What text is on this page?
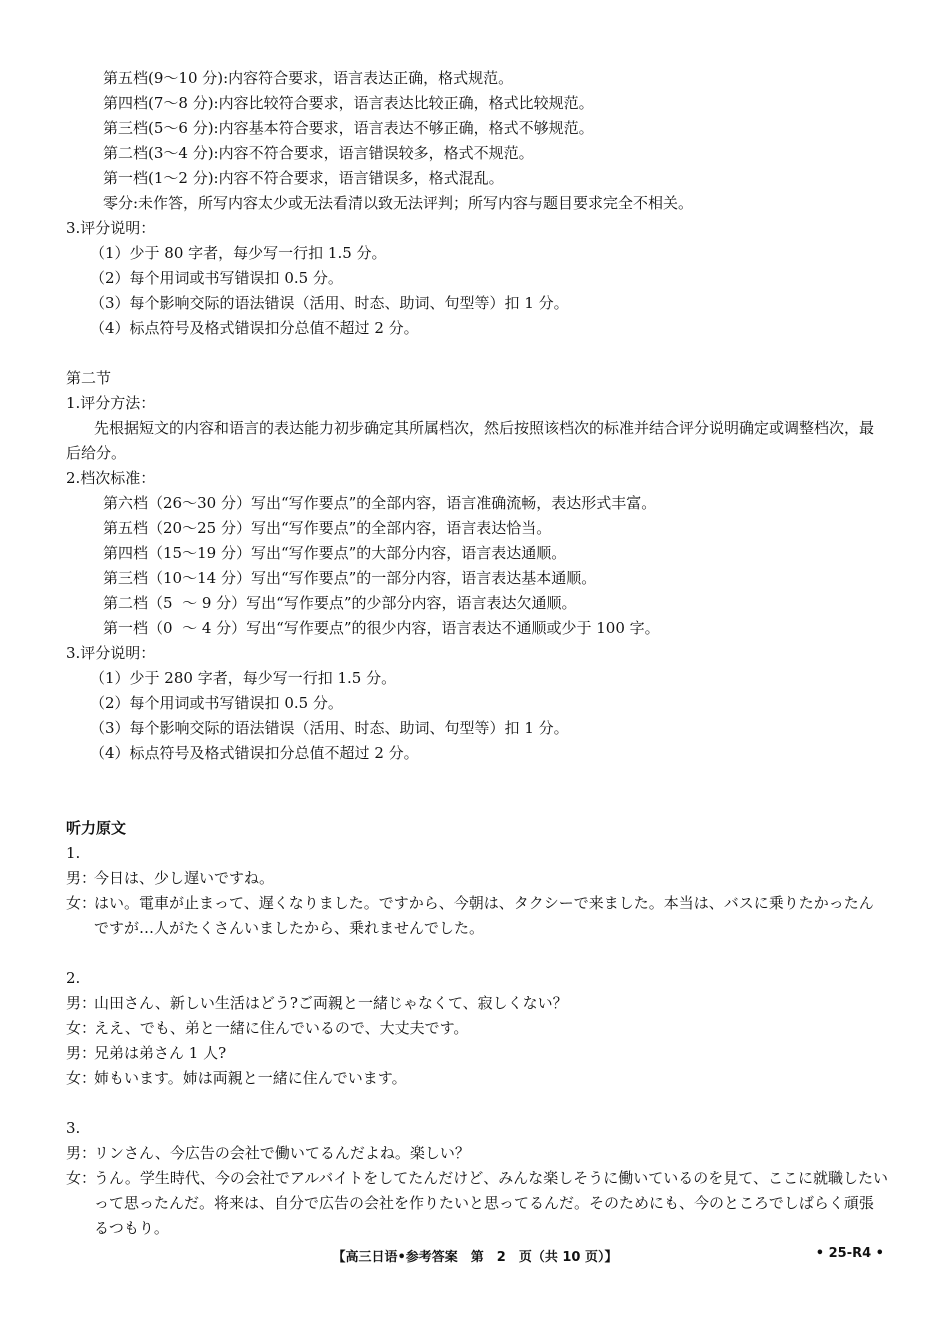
第五档(9～10 分):内容符合要求，语言表达正确，格式规范。
第四档(7～8 分):内容比较符合要求，语言表达比较正确，格式比较规范。
第三档(5～6 分):内容基本符合要求，语言表达不够正确，格式不够规范。
第二档(3～4 分):内容不符合要求，语言错误较多，格式不规范。
第一档(1～2 分):内容不符合要求，语言错误多，格式混乱。
零分:未作答，所写内容太少或无法看清以致无法评判；所写内容与题目要求完全不相关。
3.评分说明：
（1）少于 80 字者，每少写一行扣 1.5 分。
（2）每个用词或书写错误扣 0.5 分。
（3）每个影响交际的语法错误（活用、时态、助词、句型等）扣 1 分。
（4）标点符号及格式错误扣分总值不超过 2 分。
第二节
1.评分方法：
先根据短文的内容和语言的表达能力初步确定其所属档次，然后按照该档次的标准并结合评分说明确定或调整档次，最后给分。
2.档次标准：
第六档（26～30 分）写出“写作要点”的全部内容，语言准确流畅，表达形式丰富。
第五档（20～25 分）写出“写作要点”的全部内容，语言表达恰当。
第四档（15～19 分）写出“写作要点”的大部分内容，语言表达通顺。
第三档（10～14 分）写出“写作要点”的一部分内容，语言表达基本通顺。
第二档（5  ～ 9 分）写出“写作要点”的少部分内容，语言表达欠通顺。
第一档（0  ～ 4 分）写出“写作要点”的很少内容，语言表达不通顺或少于 100 字。
3.评分说明：
（1）少于 280 字者，每少写一行扣 1.5 分。
（2）每个用词或书写错误扣 0.5 分。
（3）每个影响交际的语法错误（活用、时态、助词、句型等）扣 1 分。
（4）标点符号及格式错误扣分总值不超过 2 分。
听力原文
1.
男：
今日は、少し遅いですね。
女：
はい。電車が止まって、遅くなりました。ですから、今朝は、タクシーで来ました。本当は、バスに乗りたかったんですが…人がたくさんいましたから、乗れませんでした。
2.
男：
山田さん、新しい生活はどう?ご両親と一緒じゃなくて、寂しくない？
女：
ええ、でも、弟と一緒に住んでいるので、大丈夫です。
男：
兄弟は弟さん 1 人?
女：
姉もいます。姉は両親と一緒に住んでいます。
3.
男：
リンさん、今広告の会社で働いてるんだよね。楽しい？
女：
うん。学生時代、今の会社でアルバイトをしてたんだけど、みんな楽しそうに働いているのを見て、ここに就職したいって思ったんだ。将来は、自分で広告の会社を作りたいと思ってるんだ。そのためにも、今のところでしばらく頑張るつもり。
【高三日语•参考答案　第　2　页（共 10 页）】	• 25-R4 •
